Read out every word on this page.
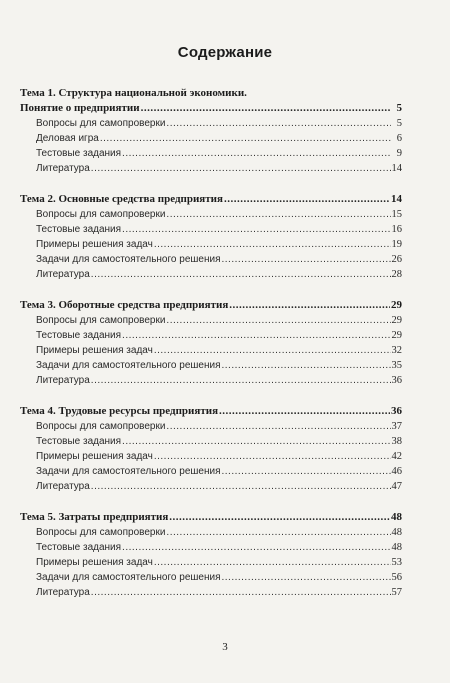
Содержание
Тема 1. Структура национальной экономики.
Понятие о предприятии .....	5
Вопросы для самопроверки .....	5
Деловая игра .....	6
Тестовые задания .....	9
Литература .....	14
Тема 2. Основные средства предприятия .....	14
Вопросы для самопроверки .....	15
Тестовые задания .....	16
Примеры решения задач .....	19
Задачи для самостоятельного решения .....	26
Литература .....	28
Тема 3. Оборотные средства предприятия .....	29
Вопросы для самопроверки .....	29
Тестовые задания .....	29
Примеры решения задач .....	32
Задачи для самостоятельного решения .....	35
Литература .....	36
Тема 4. Трудовые ресурсы предприятия .....	36
Вопросы для самопроверки .....	37
Тестовые задания .....	38
Примеры решения задач .....	42
Задачи для самостоятельного решения .....	46
Литература .....	47
Тема 5. Затраты предприятия .....	48
Вопросы для самопроверки .....	48
Тестовые задания .....	48
Примеры решения задач .....	53
Задачи для самостоятельного решения .....	56
Литература .....	57
3
